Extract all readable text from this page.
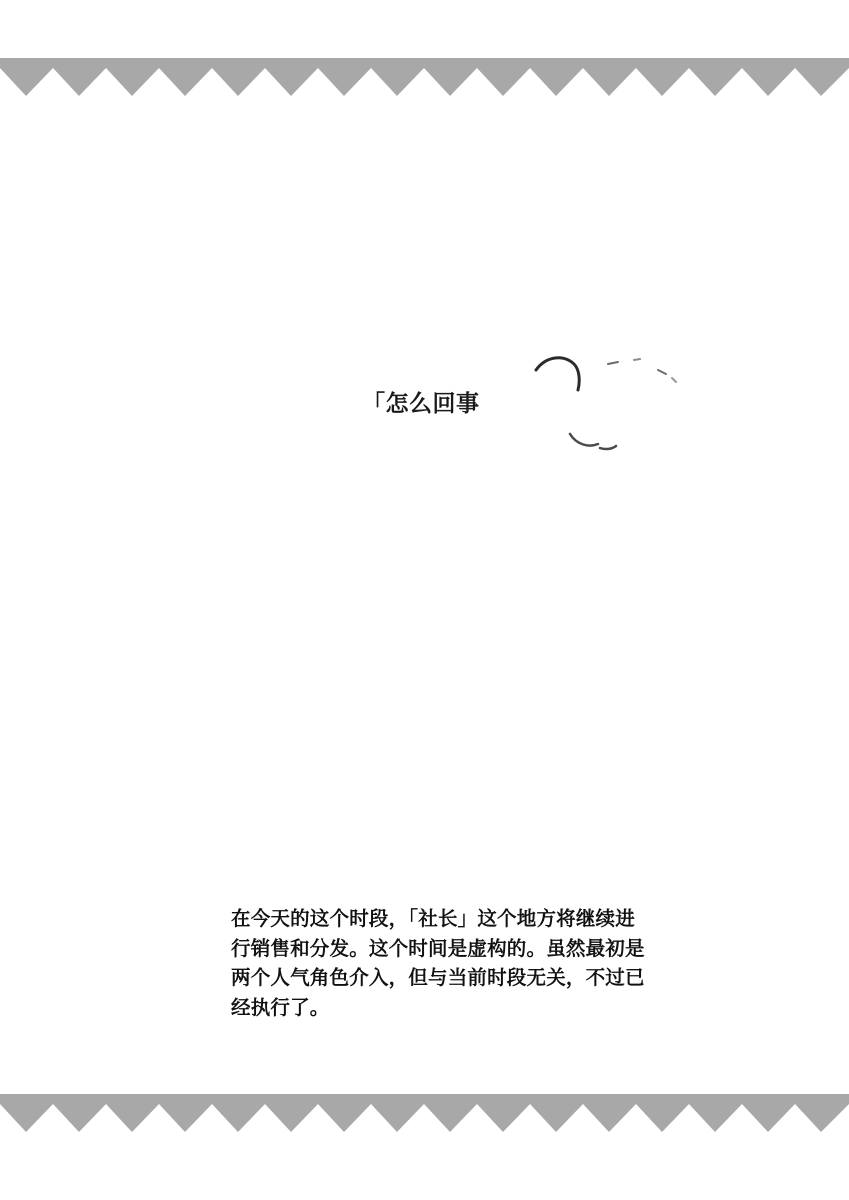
「怎么回事

在今天的这个时段，「社长」这个地方将继续进行销售和分发。这个时间是虚构的。虽然最初是两个人气角色介入，但与当前时段无关，不过已经执行了。
